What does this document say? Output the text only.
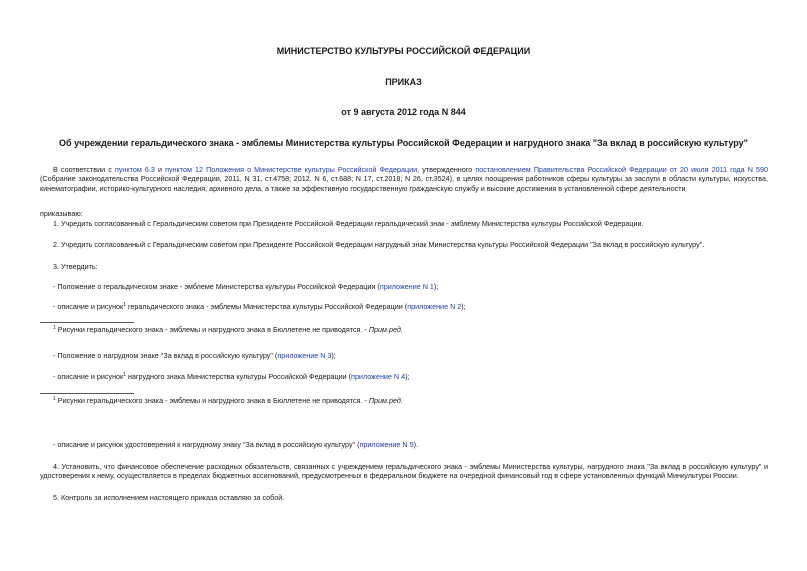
МИНИСТЕРСТВО КУЛЬТУРЫ РОССИЙСКОЙ ФЕДЕРАЦИИ
ПРИКАЗ
от 9 августа 2012 года N 844
Об учреждении геральдического знака - эмблемы Министерства культуры Российской Федерации и нагрудного знака "За вклад в российскую культуру"
В соответствии с пунктом 6.3 и пунктом 12 Положения о Министерстве культуры Российской Федерации, утвержденного постановлением Правительства Российской Федерации от 20 июля 2011 года N 590 (Собрание законодательства Российской Федерации, 2011, N 31, ст.4758; 2012, N 6, ст.688; N 17, ст.2018; N 26, ст.3524), в целях поощрения работников сферы культуры за заслуги в области культуры, искусства, кинематографии, историко-культурного наследия, архивного дела, а также за эффективную государственную гражданскую службу и высокие достижения в установленной сфере деятельности
приказываю:
1. Учредить согласованный с Геральдическим советом при Президенте Российской Федерации геральдический знак - эмблему Министерства культуры Российской Федерации.
2. Учредить согласованный с Геральдическим советом при Президенте Российской Федерации нагрудный знак Министерства культуры Российской Федерации "За вклад в российскую культуру".
3. Утвердить:
- Положение о геральдическом знаке - эмблеме Министерства культуры Российской Федерации (приложение N 1);
- описание и рисунок$^1$ геральдического знака - эмблемы Министерства культуры Российской Федерации (приложение N 2);
$^1$ Рисунки геральдического знака - эмблемы и нагрудного знака в Бюллетене не приводятся. - Прим.ред.
- Положение о нагрудном знаке "За вклад в российскую культуру" (приложение N 3);
- описание и рисунок$^1$ нагрудного знака Министерства культуры Российской Федерации (приложение N 4);
$^1$ Рисунки геральдического знака - эмблемы и нагрудного знака в Бюллетене не приводятся. - Прим.ред.
- описание и рисунок удостоверения к нагрудному знаку "За вклад в российскую культуру" (приложение N 5).
4. Установить, что финансовое обеспечение расходных обязательств, связанных с учреждением геральдического знака - эмблемы Министерства культуры, нагрудного знака "За вклад в российскую культуру" и удостоверения к нему, осуществляется в пределах бюджетных ассигнований, предусмотренных в федеральном бюджете на очередной финансовый год в сфере установленных функций Минкультуры России.
5. Контроль за исполнением настоящего приказа оставляю за собой.
